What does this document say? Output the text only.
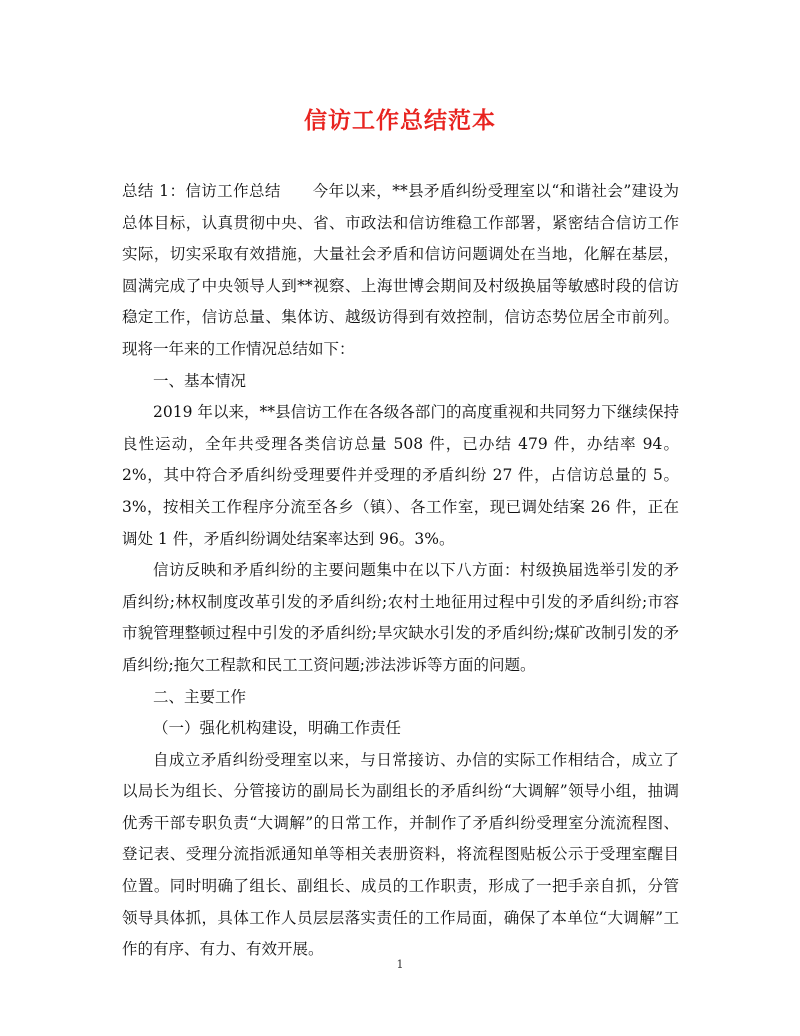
信访工作总结范本

总结 1：信访工作总结　　今年以来，**县矛盾纠纷受理室以“和谐社会”建设为总体目标，认真贯彻中央、省、市政法和信访维稳工作部署，紧密结合信访工作实际，切实采取有效措施，大量社会矛盾和信访问题调处在当地，化解在基层，圆满完成了中央领导人到**视察、上海世博会期间及村级换届等敏感时段的信访稳定工作，信访总量、集体访、越级访得到有效控制，信访态势位居全市前列。现将一年来的工作情况总结如下：

一、基本情况

2019 年以来，**县信访工作在各级各部门的高度重视和共同努力下继续保持良性运动，全年共受理各类信访总量 508 件，已办结 479 件，办结率 94。2%，其中符合矛盾纠纷受理要件并受理的矛盾纠纷 27 件，占信访总量的 5。3%，按相关工作程序分流至各乡（镇）、各工作室，现已调处结案 26 件，正在调处 1 件，矛盾纠纷调处结案率达到 96。3%。

信访反映和矛盾纠纷的主要问题集中在以下八方面：村级换届选举引发的矛盾纠纷;林权制度改革引发的矛盾纠纷;农村土地征用过程中引发的矛盾纠纷;市容市貌管理整顿过程中引发的矛盾纠纷;旱灾缺水引发的矛盾纠纷;煤矿改制引发的矛盾纠纷;拖欠工程款和民工工资问题;涉法涉诉等方面的问题。

二、主要工作

（一）强化机构建设，明确工作责任

自成立矛盾纠纷受理室以来，与日常接访、办信的实际工作相结合，成立了以局长为组长、分管接访的副局长为副组长的矛盾纠纷“大调解”领导小组，抽调优秀干部专职负责“大调解”的日常工作，并制作了矛盾纠纷受理室分流流程图、登记表、受理分流指派通知单等相关表册资料，将流程图贴板公示于受理室醒目位置。同时明确了组长、副组长、成员的工作职责，形成了一把手亲自抓，分管领导具体抓，具体工作人员层层落实责任的工作局面，确保了本单位“大调解”工作的有序、有力、有效开展。

1
